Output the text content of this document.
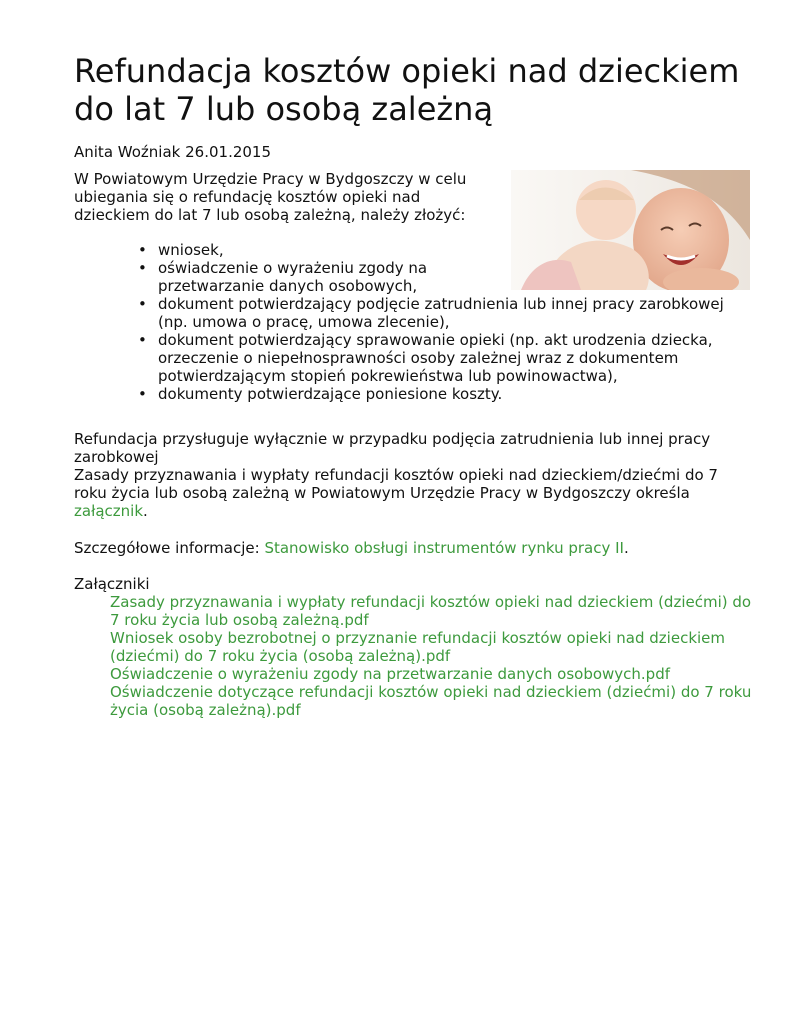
Refundacja kosztów opieki nad dzieckiem do lat 7 lub osobą zależną
Anita Woźniak 26.01.2015
W Powiatowym Urzędzie Pracy w Bydgoszczy w celu ubiegania się o refundację kosztów opieki nad dzieckiem do lat 7 lub osobą zależną, należy złożyć:
• wniosek,
• oświadczenie o wyrażeniu zgody na przetwarzanie danych osobowych,
• dokument potwierdzający podjęcie zatrudnienia lub innej pracy zarobkowej (np. umowa o pracę, umowa zlecenie),
• dokument potwierdzający sprawowanie opieki (np. akt urodzenia dziecka, orzeczenie o niepełnosprawności osoby zależnej wraz z dokumentem potwierdzającym stopień pokrewieństwa lub powinowactwa),
• dokumenty potwierdzające poniesione koszty.
Refundacja przysługuje wyłącznie w przypadku podjęcia zatrudnienia lub innej pracy zarobkowej
Zasady przyznawania i wypłaty refundacji kosztów opieki nad dzieckiem/dziećmi do 7 roku życia lub osobą zależną w Powiatowym Urzędzie Pracy w Bydgoszczy określa załącznik.
Szczegółowe informacje: Stanowisko obsługi instrumentów rynku pracy II.
Załączniki
Zasady przyznawania i wypłaty refundacji kosztów opieki nad dzieckiem (dziećmi) do 7 roku życia lub osobą zależną.pdf
Wniosek osoby bezrobotnej o przyznanie refundacji kosztów opieki nad dzieckiem (dziećmi) do 7 roku życia (osobą zależną).pdf
Oświadczenie o wyrażeniu zgody na przetwarzanie danych osobowych.pdf
Oświadczenie dotyczące refundacji kosztów opieki nad dzieckiem (dziećmi) do 7 roku życia (osobą zależną).pdf
